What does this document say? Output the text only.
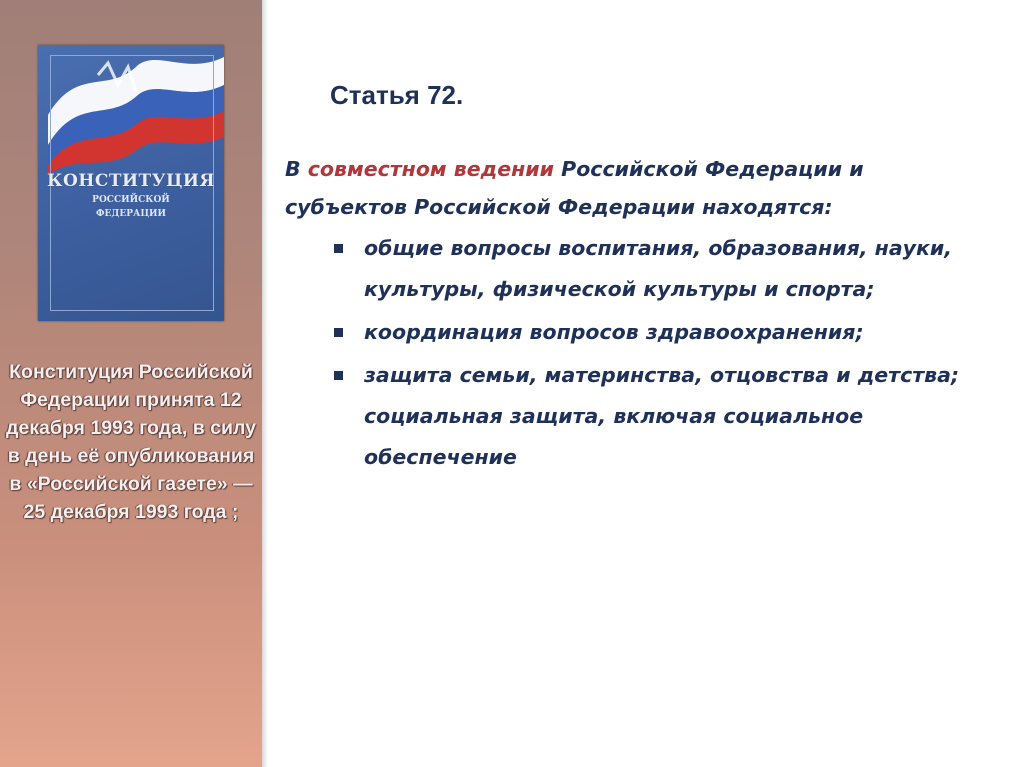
КОНСТИТУЦИЯ
РОССИЙСКОЙ
ФЕДЕРАЦИИ
Конституция Российской Федерации принята 12 декабря 1993 года, в силу в день её опубликования в «Российской газете» — 25 декабря 1993 года ;
Статья 72.
В совместном ведении Российской Федерации и субъектов Российской Федерации находятся:
общие вопросы воспитания, образования, науки, культуры, физической культуры и спорта;
координация вопросов здравоохранения;
защита семьи, материнства, отцовства и детства; социальная защита, включая социальное обеспечение
